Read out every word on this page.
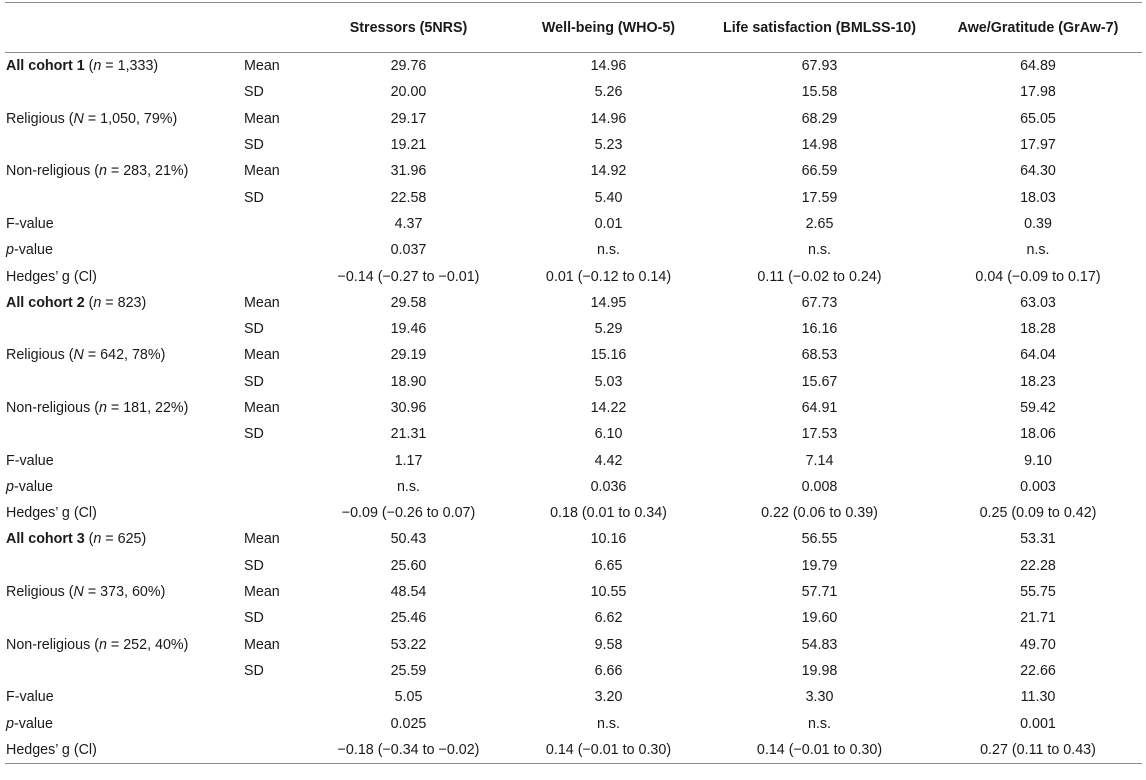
		Stressors (5NRS)	Well-being (WHO-5)	Life satisfaction (BMLSS-10)	Awe/Gratitude (GrAw-7)
All cohort 1 (n = 1,333)	Mean	29.76	14.96	67.93	64.89
	SD	20.00	5.26	15.58	17.98
Religious (N = 1,050, 79%)	Mean	29.17	14.96	68.29	65.05
	SD	19.21	5.23	14.98	17.97
Non-religious (n = 283, 21%)	Mean	31.96	14.92	66.59	64.30
	SD	22.58	5.40	17.59	18.03
F-value		4.37	0.01	2.65	0.39
p-value		0.037	n.s.	n.s.	n.s.
Hedges’ g (Cl)		−0.14 (−0.27 to −0.01)	0.01 (−0.12 to 0.14)	0.11 (−0.02 to 0.24)	0.04 (−0.09 to 0.17)
All cohort 2 (n = 823)	Mean	29.58	14.95	67.73	63.03
	SD	19.46	5.29	16.16	18.28
Religious (N = 642, 78%)	Mean	29.19	15.16	68.53	64.04
	SD	18.90	5.03	15.67	18.23
Non-religious (n = 181, 22%)	Mean	30.96	14.22	64.91	59.42
	SD	21.31	6.10	17.53	18.06
F-value		1.17	4.42	7.14	9.10
p-value		n.s.	0.036	0.008	0.003
Hedges’ g (Cl)		−0.09 (−0.26 to 0.07)	0.18 (0.01 to 0.34)	0.22 (0.06 to 0.39)	0.25 (0.09 to 0.42)
All cohort 3 (n = 625)	Mean	50.43	10.16	56.55	53.31
	SD	25.60	6.65	19.79	22.28
Religious (N = 373, 60%)	Mean	48.54	10.55	57.71	55.75
	SD	25.46	6.62	19.60	21.71
Non-religious (n = 252, 40%)	Mean	53.22	9.58	54.83	49.70
	SD	25.59	6.66	19.98	22.66
F-value		5.05	3.20	3.30	11.30
p-value		0.025	n.s.	n.s.	0.001
Hedges’ g (Cl)		−0.18 (−0.34 to −0.02)	0.14 (−0.01 to 0.30)	0.14 (−0.01 to 0.30)	0.27 (0.11 to 0.43)
